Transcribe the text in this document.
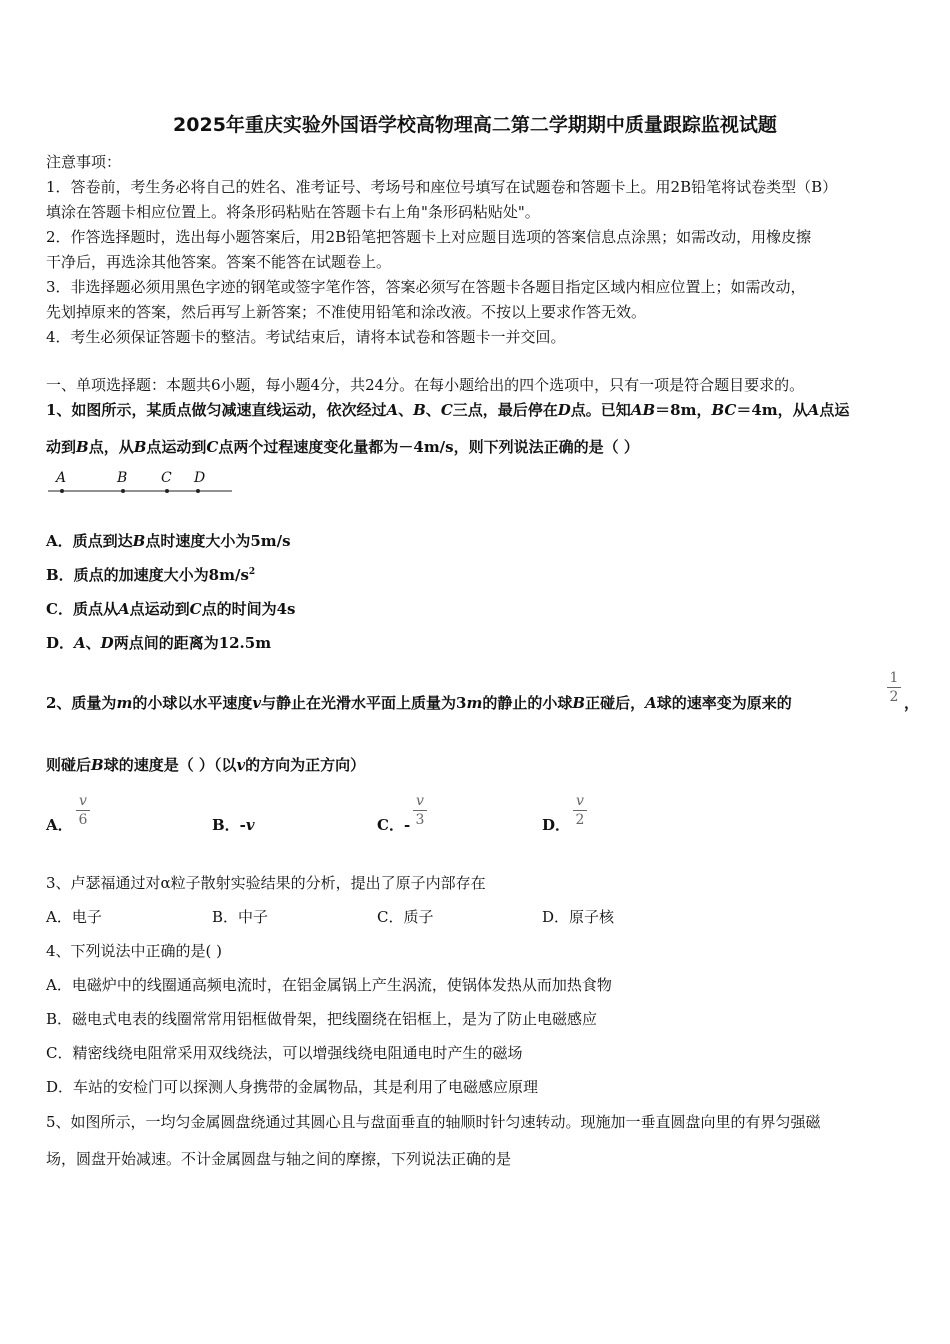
2025年重庆实验外国语学校高物理高二第二学期期中质量跟踪监视试题
注意事项：
1．答卷前，考生务必将自己的姓名、准考证号、考场号和座位号填写在试题卷和答题卡上。用2B铅笔将试卷类型（B）
填涂在答题卡相应位置上。将条形码粘贴在答题卡右上角"条形码粘贴处"。
2．作答选择题时，选出每小题答案后，用2B铅笔把答题卡上对应题目选项的答案信息点涂黑；如需改动，用橡皮擦
干净后，再选涂其他答案。答案不能答在试题卷上。
3．非选择题必须用黑色字迹的钢笔或签字笔作答，答案必须写在答题卡各题目指定区域内相应位置上；如需改动，
先划掉原来的答案，然后再写上新答案；不准使用铅笔和涂改液。不按以上要求作答无效。
4．考生必须保证答题卡的整洁。考试结束后，请将本试卷和答题卡一并交回。
一、单项选择题：本题共6小题，每小题4分，共24分。在每小题给出的四个选项中，只有一项是符合题目要求的。
1、如图所示，某质点做匀减速直线运动，依次经过A、B、C三点，最后停在D点。已知AB＝8m，BC＝4m，从A点运
动到B点，从B点运动到C点两个过程速度变化量都为－4m/s，则下列说法正确的是（ ）
A	B C D
A．质点到达B点时速度大小为5m/s
B．质点的加速度大小为$8m/s^2$
C．质点从A点运动到C点的时间为4s
D．A、D两点间的距离为12.5m
2、质量为m的小球以水平速度v与静止在光滑水平面上质量为3m的静止的小球B正碰后，A球的速率变为原来的
1
2 ，
则碰后B球的速度是（ ）（以v的方向为正方向）
A．
v
6	B．-v	C．-
v
3	D．
v
2
3、卢瑟福通过对α粒子散射实验结果的分析，提出了原子内部存在
A．电子	B．中子	C．质子	D．原子核
4、下列说法中正确的是( )
A．电磁炉中的线圈通高频电流时，在铝金属锅上产生涡流，使锅体发热从而加热食物
B．磁电式电表的线圈常常用铝框做骨架，把线圈绕在铝框上，是为了防止电磁感应
C．精密线绕电阻常采用双线绕法，可以增强线绕电阻通电时产生的磁场
D．车站的安检门可以探测人身携带的金属物品，其是利用了电磁感应原理
5、如图所示，一均匀金属圆盘绕通过其圆心且与盘面垂直的轴顺时针匀速转动。现施加一垂直圆盘向里的有界匀强磁
场，圆盘开始减速。不计金属圆盘与轴之间的摩擦，下列说法正确的是
